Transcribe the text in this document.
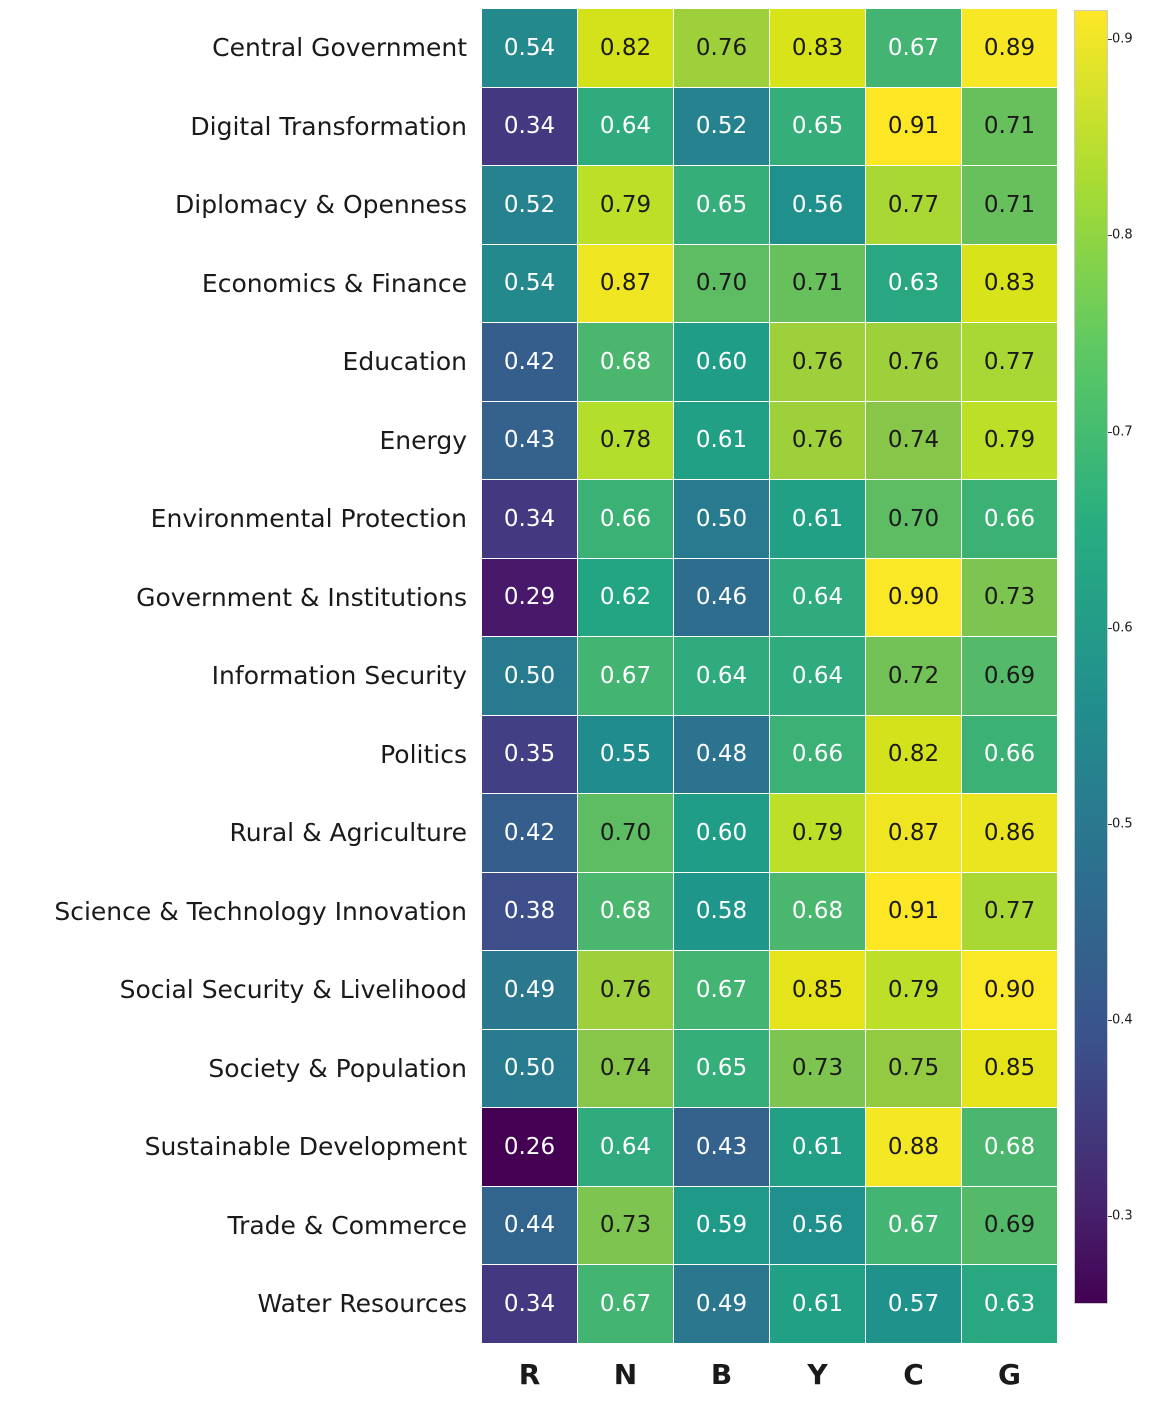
Central Government	0.54	0.82	0.76	0.83	0.67	0.89

Digital Transformation	0.34	0.64	0.52	0.65	0.91	0.71

Diplomacy & Openness	0.52	0.79	0.65	0.56	0.77	0.71

Economics & Finance	0.54	0.87	0.70	0.71	0.63	0.83

Education	0.42	0.68	0.60	0.76	0.76	0.77

Energy	0.43	0.78	0.61	0.76	0.74	0.79

Environmental Protection	0.34	0.66	0.50	0.61	0.70	0.66

Government & Institutions	0.29	0.62	0.46	0.64	0.90	0.73

Information Security	0.50	0.67	0.64	0.64	0.72	0.69

Politics	0.35	0.55	0.48	0.66	0.82	0.66

Rural & Agriculture	0.42	0.70	0.60	0.79	0.87	0.86

Science & Technology Innovation	0.38	0.68	0.58	0.68	0.91	0.77

Social Security & Livelihood	0.49	0.76	0.67	0.85	0.79	0.90

Society & Population	0.50	0.74	0.65	0.73	0.75	0.85

Sustainable Development	0.26	0.64	0.43	0.61	0.88	0.68

Trade & Commerce	0.44	0.73	0.59	0.56	0.67	0.69

Water Resources	0.34	0.67	0.49	0.61	0.57	0.63

	R	N	B	Y	C	G
0.3
0.4
0.5
0.6
0.7
0.8
0.9
